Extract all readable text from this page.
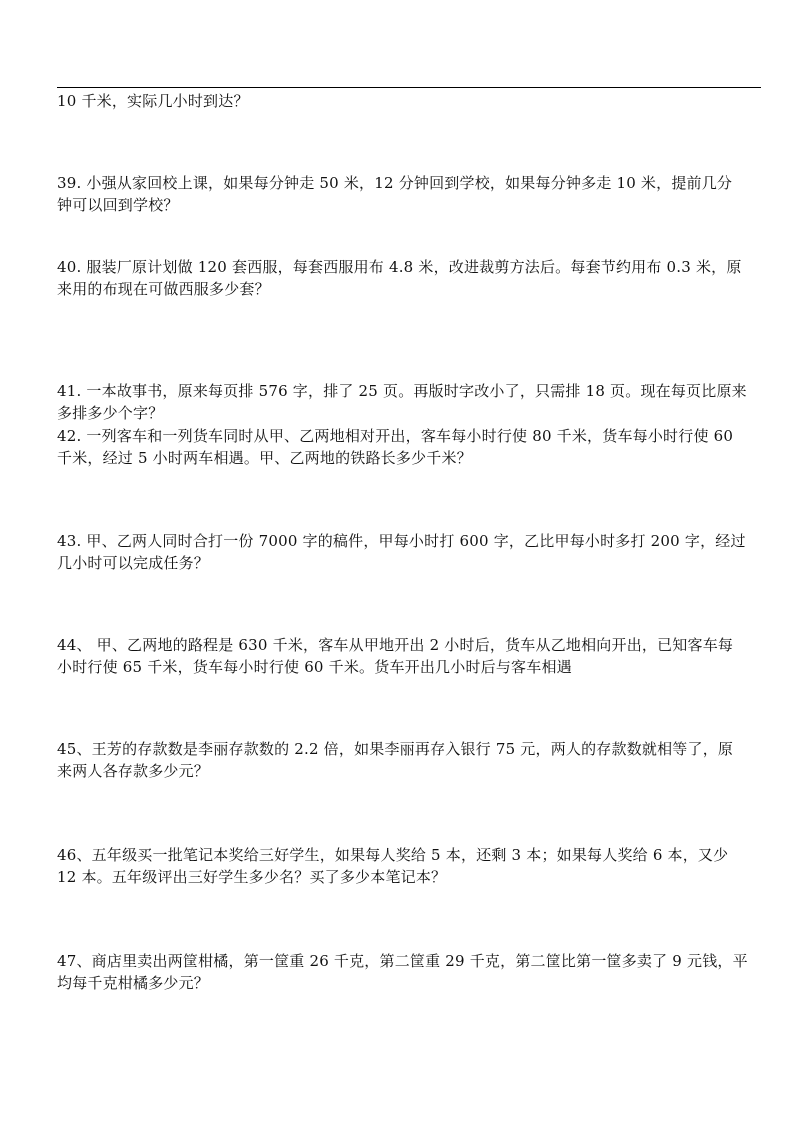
10 千米，实际几小时到达？

39. 小强从家回校上课，如果每分钟走 50 米，12 分钟回到学校，如果每分钟多走 10 米，提前几分
钟可以回到学校？

40. 服装厂原计划做 120 套西服，每套西服用布 4.8 米，改进裁剪方法后。每套节约用布 0.3 米，原
来用的布现在可做西服多少套？

41. 一本故事书，原来每页排 576 字，排了 25 页。再版时字改小了，只需排 18 页。现在每页比原来
多排多少个字？

42. 一列客车和一列货车同时从甲、乙两地相对开出，客车每小时行使 80 千米，货车每小时行使 60
千米，经过 5 小时两车相遇。甲、乙两地的铁路长多少千米？

43. 甲、乙两人同时合打一份 7000 字的稿件，甲每小时打 600 字，乙比甲每小时多打 200 字，经过
几小时可以完成任务？

44、 甲、乙两地的路程是 630 千米，客车从甲地开出 2 小时后，货车从乙地相向开出，已知客车每
小时行使 65 千米，货车每小时行使 60 千米。货车开出几小时后与客车相遇

45、王芳的存款数是李丽存款数的 2.2 倍，如果李丽再存入银行 75 元，两人的存款数就相等了，原
来两人各存款多少元？

46、五年级买一批笔记本奖给三好学生，如果每人奖给 5 本，还剩 3 本；如果每人奖给 6 本，又少
12 本。五年级评出三好学生多少名？买了多少本笔记本？

47、商店里卖出两筐柑橘，第一筐重 26 千克，第二筐重 29 千克，第二筐比第一筐多卖了 9 元钱，平
均每千克柑橘多少元？
